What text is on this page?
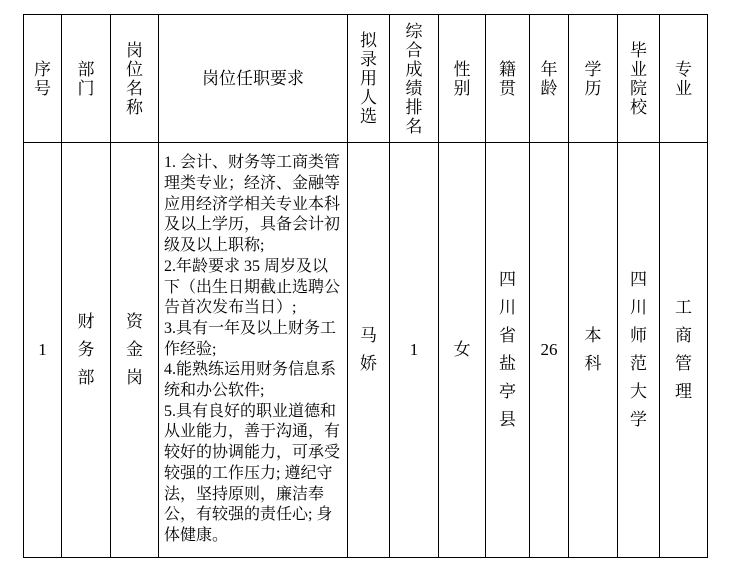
序号	部门	岗位名称	岗位任职要求	拟录用人选	综合成绩排名	性别	籍贯	年龄	学历	毕业院校	专业
1	财务部	资金岗	1. 会计、财务等工商类管理类专业；经济、金融等应用经济学相关专业本科及以上学历，具备会计初级及以上职称;
2.年龄要求 35 周岁及以下（出生日期截止选聘公告首次发布当日）;
3.具有一年及以上财务工作经验;
4.能熟练运用财务信息系统和办公软件;
5.具有良好的职业道德和从业能力，善于沟通，有较好的协调能力，可承受较强的工作压力; 遵纪守法，坚持原则，廉洁奉公，有较强的责任心; 身体健康。	马娇	1	女	四川省盐亭县	26	本科	四川师范大学	工商管理
